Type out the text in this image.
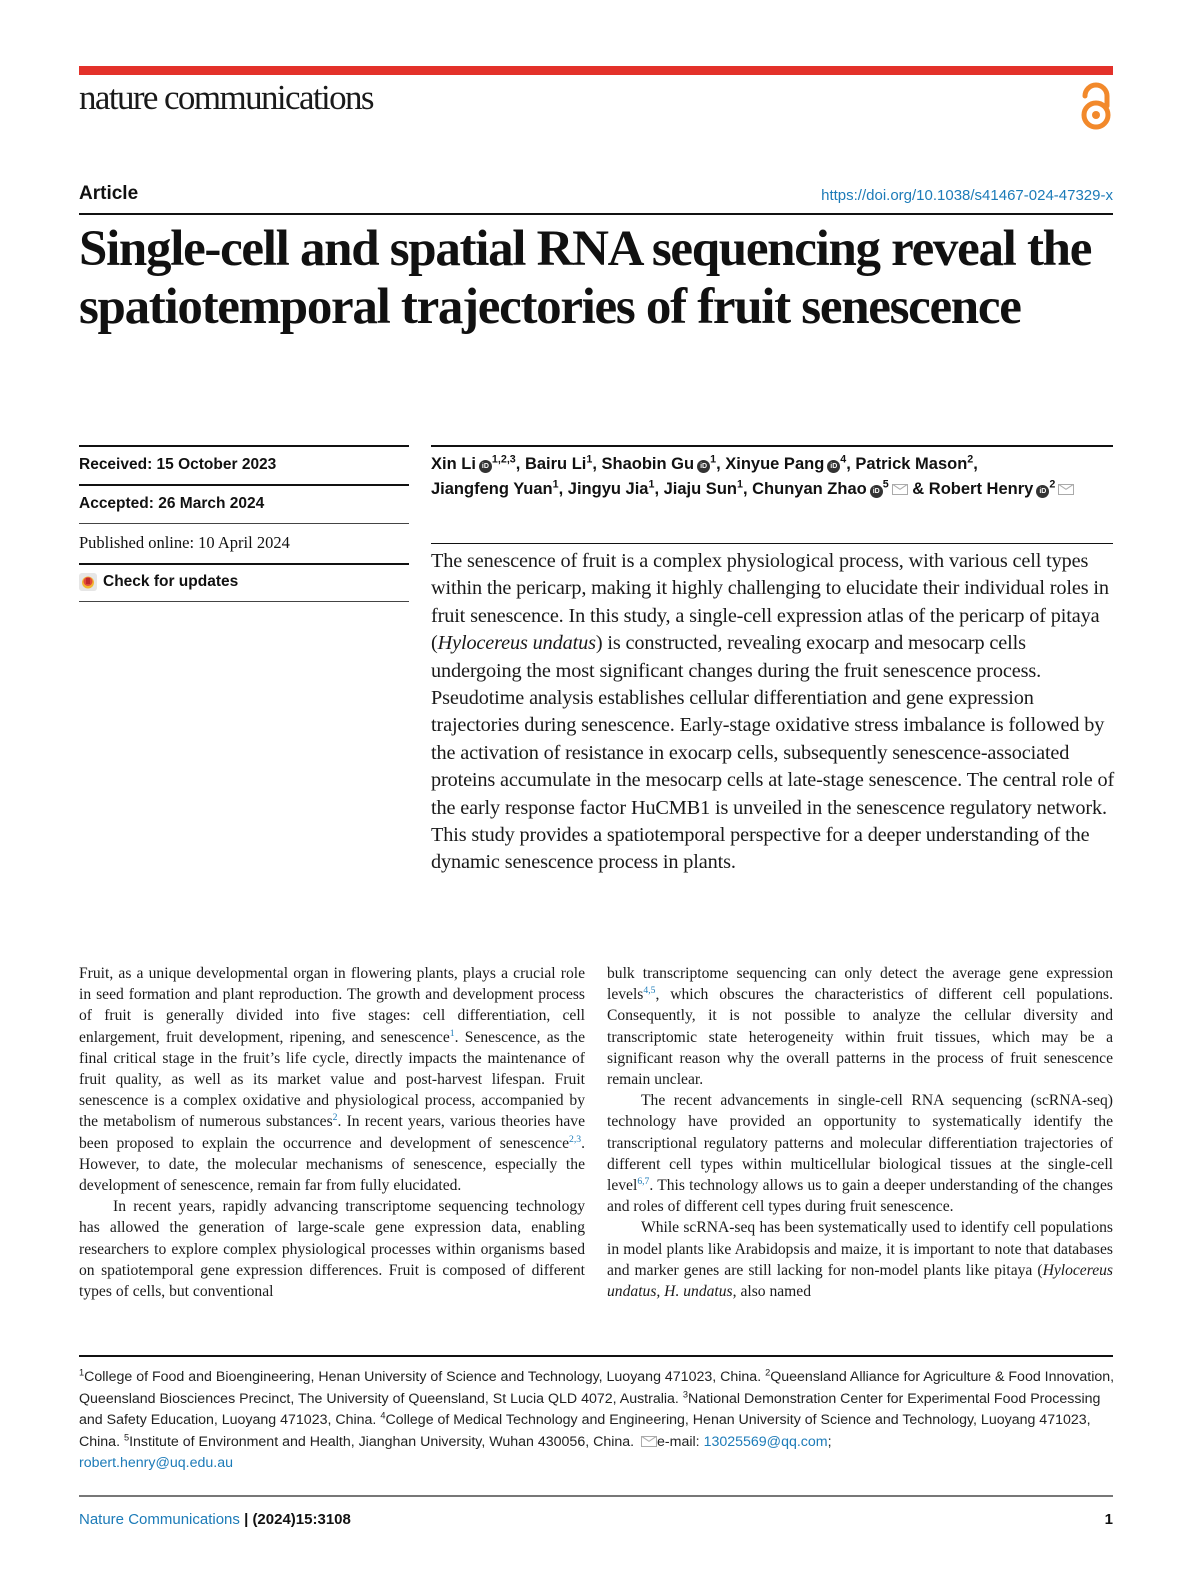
nature communications
Article	https://doi.org/10.1038/s41467-024-47329-x
Single-cell and spatial RNA sequencing reveal the spatiotemporal trajectories of fruit senescence
Received: 15 October 2023
Accepted: 26 March 2024
Published online: 10 April 2024
Check for updates
Xin Li iD$^{1,2,3}$, Bairu Li$^1$, Shaobin Gu $iD^1$, Xinyue Pang $iD^4$, Patrick Mason$^2$,
Jiangfeng Yuan$^1$, Jingyu Jia$^1$, Jiaju Sun$^1$, Chunyan Zhao $iD^5$ & Robert Henry $iD^2$

The senescence of fruit is a complex physiological process, with various cell types within the pericarp, making it highly challenging to elucidate their individual roles in fruit senescence. In this study, a single-cell expression atlas of the pericarp of pitaya (Hylocereus undatus) is constructed, revealing exocarp and mesocarp cells undergoing the most significant changes during the fruit senescence process. Pseudotime analysis establishes cellular differentiation and gene expression trajectories during senescence. Early-stage oxidative stress imbalance is followed by the activation of resistance in exocarp cells, subsequently senescence-associated proteins accumulate in the mesocarp cells at late-stage senescence. The central role of the early response factor HuCMB1 is unveiled in the senescence regulatory network. This study provides a spatiotemporal perspective for a deeper understanding of the dynamic senescence process in plants.

Fruit, as a unique developmental organ in flowering plants, plays a crucial role in seed formation and plant reproduction. The growth and development process of fruit is generally divided into five stages: cell differentiation, cell enlargement, fruit development, ripening, and senescence$^1$. Senescence, as the final critical stage in the fruit’s life cycle, directly impacts the maintenance of fruit quality, as well as its market value and post-harvest lifespan. Fruit senescence is a complex oxidative and physiological process, accompanied by the metabolism of numerous substances$^2$. In recent years, various theories have been proposed to explain the occurrence and development of senescence$^{2,3}$. However, to date, the molecular mechanisms of senescence, especially the development of senescence, remain far from fully elucidated.

In recent years, rapidly advancing transcriptome sequencing technology has allowed the generation of large-scale gene expression data, enabling researchers to explore complex physiological processes within organisms based on spatiotemporal gene expression differences. Fruit is composed of different types of cells, but conventional

bulk transcriptome sequencing can only detect the average gene expression levels$^{4,5}$, which obscures the characteristics of different cell populations. Consequently, it is not possible to analyze the cellular diversity and transcriptomic state heterogeneity within fruit tissues, which may be a significant reason why the overall patterns in the process of fruit senescence remain unclear.

The recent advancements in single-cell RNA sequencing (scRNA-seq) technology have provided an opportunity to systematically identify the transcriptional regulatory patterns and molecular differentiation trajectories of different cell types within multicellular biological tissues at the single-cell level$^{6,7}$. This technology allows us to gain a deeper understanding of the changes and roles of different cell types during fruit senescence.

While scRNA-seq has been systematically used to identify cell populations in model plants like Arabidopsis and maize, it is important to note that databases and marker genes are still lacking for non-model plants like pitaya (Hylocereus undatus, H. undatus, also named

$^1$College of Food and Bioengineering, Henan University of Science and Technology, Luoyang 471023, China. $^2$Queensland Alliance for Agriculture & Food Innovation, Queensland Biosciences Precinct, The University of Queensland, St Lucia QLD 4072, Australia. $^3$National Demonstration Center for Experimental Food Processing and Safety Education, Luoyang 471023, China. $^4$College of Medical Technology and Engineering, Henan University of Science and Technology, Luoyang 471023, China. $^5$Institute of Environment and Health, Jianghan University, Wuhan 430056, China. e-mail: 13025569@qq.com;
robert.henry@uq.edu.au

Nature Communications | (2024)15:3108	1
